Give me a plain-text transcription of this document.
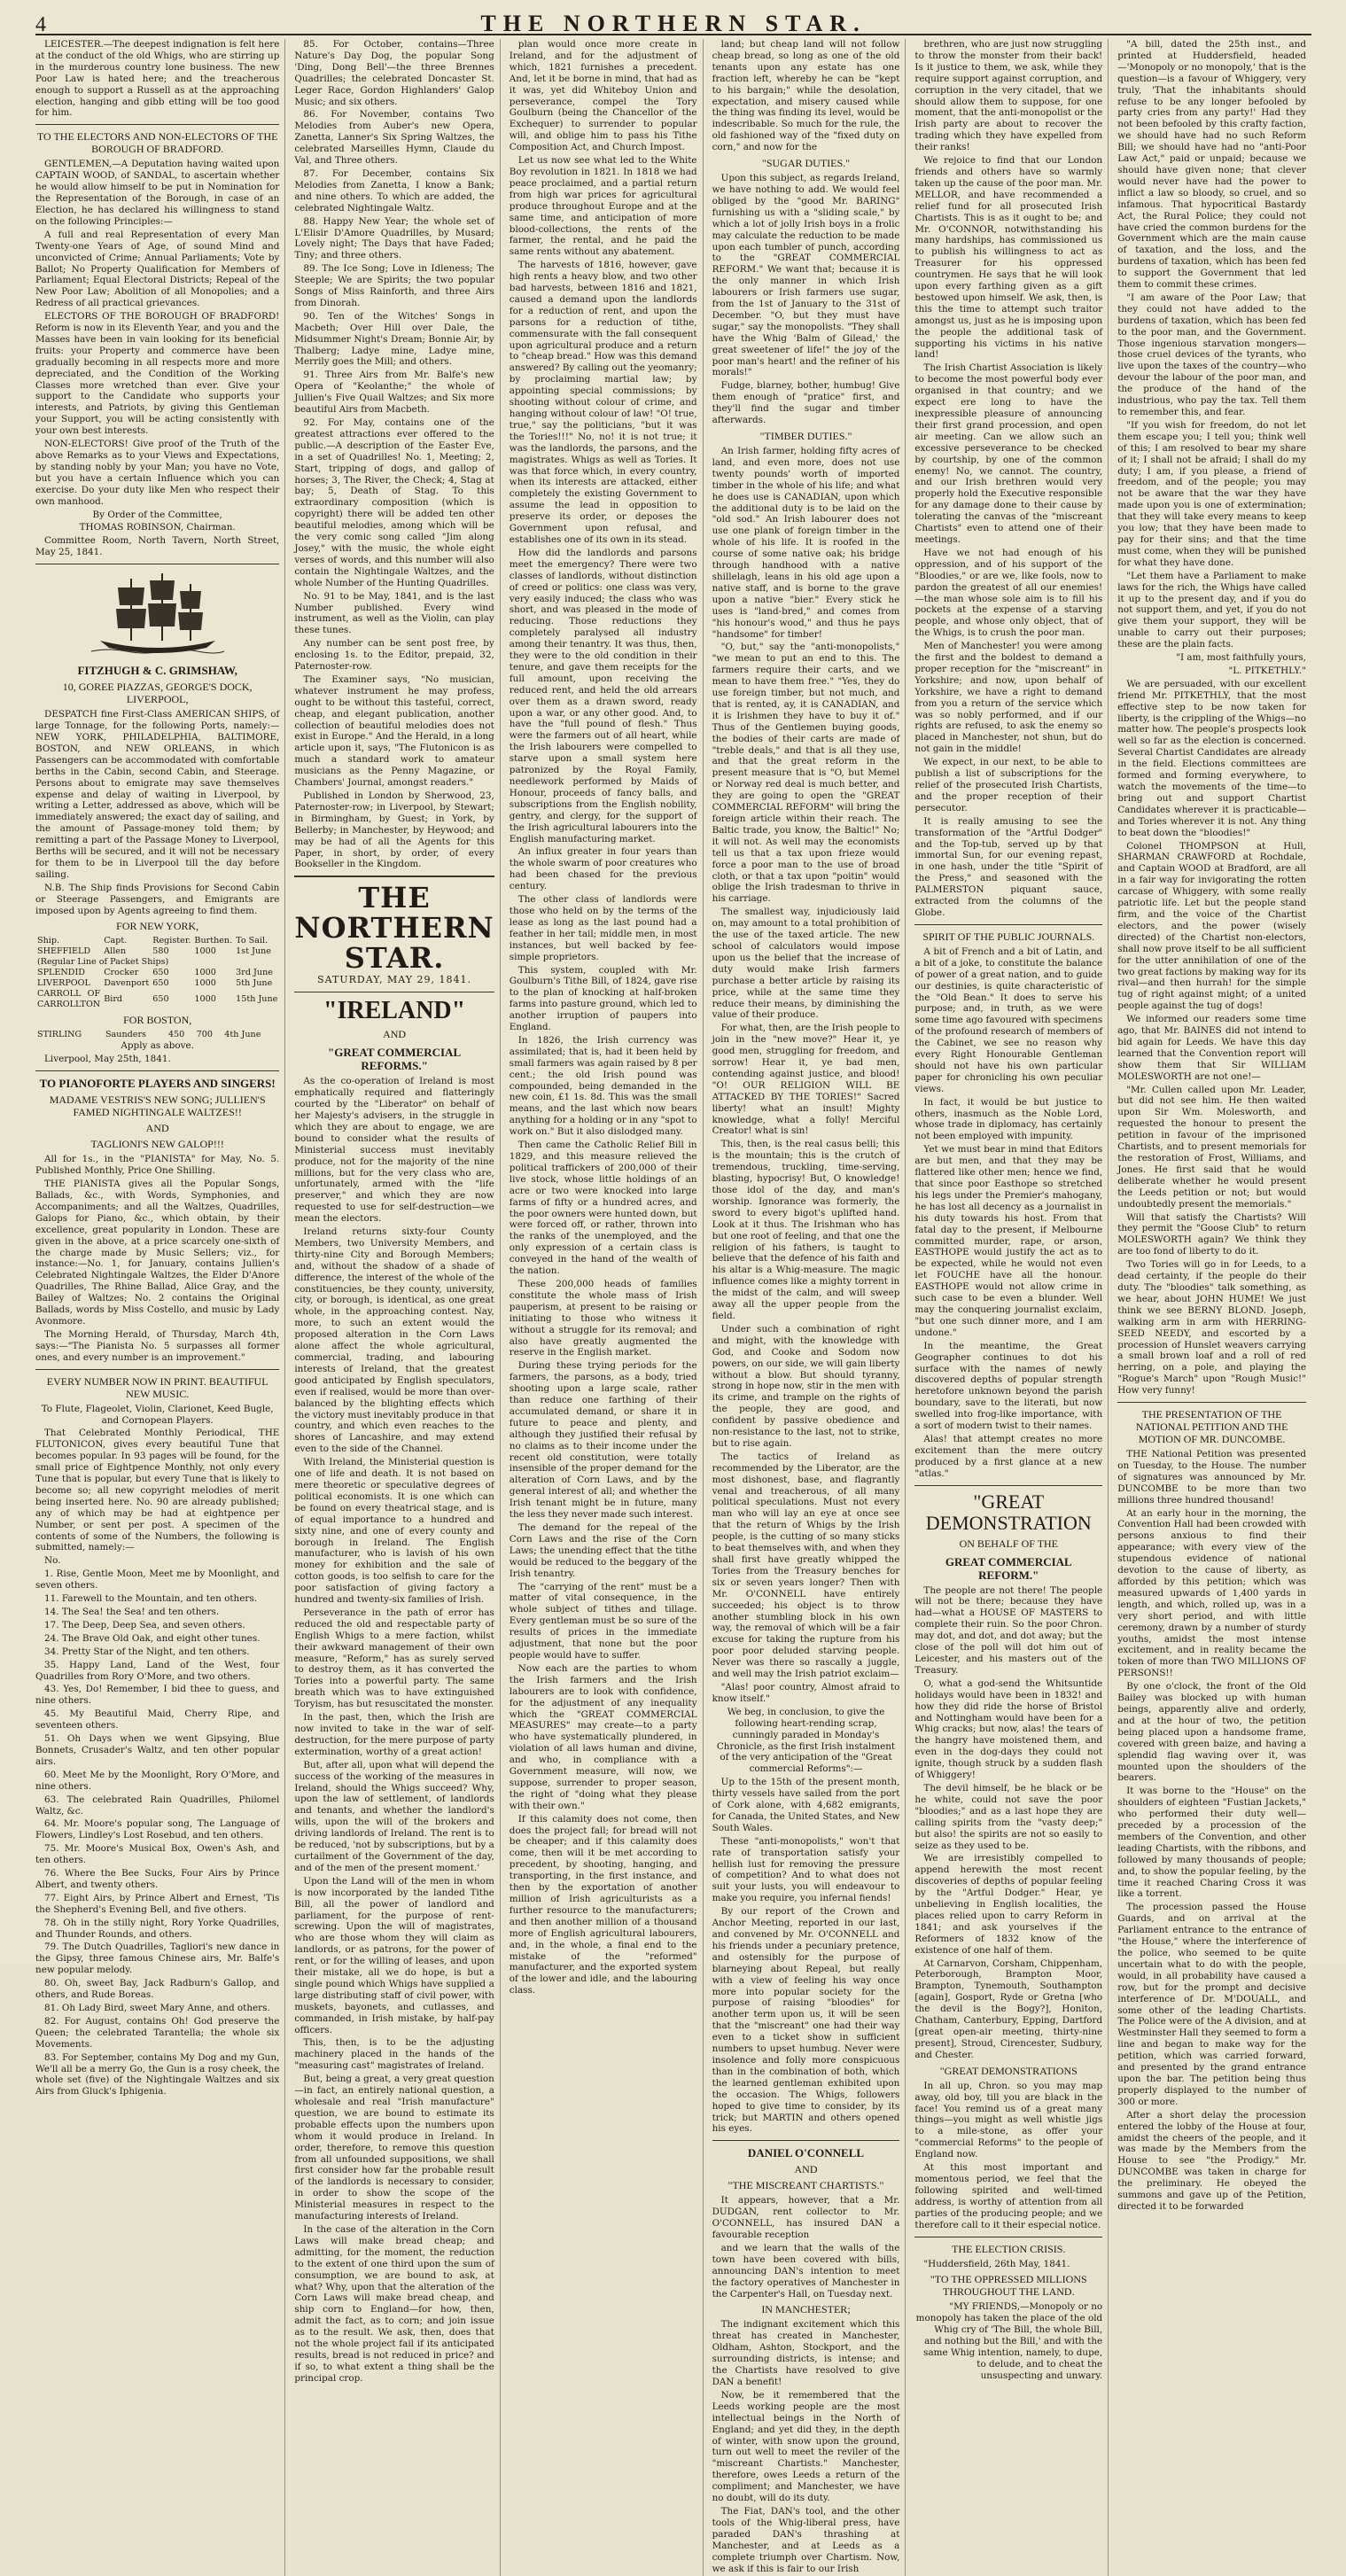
4	THE NORTHERN STAR.

LEICESTER.—The deepest indignation is felt here at the conduct of the old Whigs, who are stirring up in the murderous country lone business. The new Poor Law is hated here; and the treacherous enough to support a Russell as at the approaching election, hanging and gibb etting will be too good for him.

TO THE ELECTORS AND NON-ELECTORS OF THE BOROUGH OF BRADFORD.

GENTLEMEN,—A Deputation having waited upon CAPTAIN WOOD, of SANDAL, to ascertain whether he would allow himself to be put in Nomination for the Representation of the Borough, in case of an Election, he has declared his willingness to stand on the following Principles:—

A full and real Representation of every Man Twenty-one Years of Age, of sound Mind and unconvicted of Crime; Annual Parliaments; Vote by Ballot; No Property Qualification for Members of Parliament; Equal Electoral Districts; Repeal of the New Poor Law; Abolition of all Monopolies; and a Redress of all practical grievances.

ELECTORS OF THE BOROUGH OF BRADFORD! Reform is now in its Eleventh Year, and you and the Masses have been in vain looking for its beneficial fruits: your Property and commerce have been gradually becoming in all respects more and more depreciated, and the Condition of the Working Classes more wretched than ever. Give your support to the Candidate who supports your interests, and Patriots, by giving this Gentleman your Support, you will be acting consistently with your own best interests.

NON-ELECTORS! Give proof of the Truth of the above Remarks as to your Views and Expectations, by standing nobly by your Man; you have no Vote, but you have a certain Influence which you can exercise. Do your duty like Men who respect their own manhood.

By Order of the Committee,

THOMAS ROBINSON, Chairman.

Committee Room, North Tavern, North Street, May 25, 1841.

FITZHUGH & C. GRIMSHAW,
10, GOREE PIAZZAS, GEORGE'S DOCK, LIVERPOOL,

DESPATCH fine First-Class AMERICAN SHIPS, of large Tonnage, for the following Ports, namely:—NEW YORK, PHILADELPHIA, BALTIMORE, BOSTON, and NEW ORLEANS, in which Passengers can be accommodated with comfortable berths in the Cabin, second Cabin, and Steerage. Persons about to emigrate may save themselves expense and delay of waiting in Liverpool, by writing a Letter, addressed as above, which will be immediately answered; the exact day of sailing, and the amount of Passage-money told them; by remitting a part of the Passage Money to Liverpool, Berths will be secured, and it will not be necessary for them to be in Liverpool till the day before sailing.

N.B. The Ship finds Provisions for Second Cabin or Steerage Passengers, and Emigrants are imposed upon by Agents agreeing to find them.

FOR NEW YORK,
Ship.	Capt.	Register.	Burthen.	To Sail.
SHEFFIELD	Allen	580	1000	1st June
(Regular Line of Packet Ships)				
SPLENDID	Crocker	650	1000	3rd June
LIVERPOOL	Davenport	650	1000	5th June
CARROLL OF CARROLLTON	Bird	650	1000	15th June
FOR BOSTON,
STIRLING	Saunders	450	700	4th June

Apply as above.

Liverpool, May 25th, 1841.

TO PIANOFORTE PLAYERS AND SINGERS!
MADAME VESTRIS'S NEW SONG; JULLIEN'S FAMED NIGHTINGALE WALTZES!!
AND
TAGLIONI'S NEW GALOP!!!

All for 1s., in the "PIANISTA" for May, No. 5. Published Monthly, Price One Shilling.

THE PIANISTA gives all the Popular Songs, Ballads, &c., with Words, Symphonies, and Accompaniments; and all the Waltzes, Quadrilles, Galops for Piano, &c., which obtain, by their excellence, great popularity in London. These are given in the above, at a price scarcely one-sixth of the charge made by Music Sellers; viz., for instance:—No. 1, for January, contains Jullien's Celebrated Nightingale Waltzes, the Elder D'Anore Quadrilles, The Rhine Ballad, Alice Gray, and the Bailey of Waltzes; No. 2 contains the Original Ballads, words by Miss Costello, and music by Lady Avonmore.

The Morning Herald, of Thursday, March 4th, says:—"The Pianista No. 5 surpasses all former ones, and every number is an improvement."

EVERY NUMBER NOW IN PRINT. BEAUTIFUL NEW MUSIC.

To Flute, Flageolet, Violin, Clarionet, Keed Bugle, and Cornopean Players.

That Celebrated Monthly Periodical, THE FLUTONICON, gives every beautiful Tune that becomes popular. In 93 pages will be found, for the small price of Eightpence Monthly, not only every Tune that is popular, but every Tune that is likely to become so; all new copyright melodies of merit being inserted here. No. 90 are already published; any of which may be had at eightpence per Number, or sent per post. A specimen of the contents of some of the Numbers, the following is submitted, namely:—

No.

1. Rise, Gentle Moon, Meet me by Moonlight, and seven others.

11. Farewell to the Mountain, and ten others.

14. The Sea! the Sea! and ten others.

17. The Deep, Deep Sea, and seven others.

24. The Brave Old Oak, and eight other tunes.

34. Pretty Star of the Night, and ten others.

35. Happy Land, Land of the West, four Quadrilles from Rory O'More, and two others.

43. Yes, Do! Remember, I bid thee to guess, and nine others.

45. My Beautiful Maid, Cherry Ripe, and seventeen others.

51. Oh Days when we went Gipsying, Blue Bonnets, Crusader's Waltz, and ten other popular airs.

60. Meet Me by the Moonlight, Rory O'More, and nine others.

63. The celebrated Rain Quadrilles, Philomel Waltz, &c.

64. Mr. Moore's popular song, The Language of Flowers, Lindley's Lost Rosebud, and ten others.

75. Mr. Moore's Musical Box, Owen's Ash, and ten others.

76. Where the Bee Sucks, Four Airs by Prince Albert, and twenty others.

77. Eight Airs, by Prince Albert and Ernest, 'Tis the Shepherd's Evening Bell, and five others.

78. Oh in the stilly night, Rory Yorke Quadrilles, and Thunder Rounds, and others.

79. The Dutch Quadrilles, Tagliori's new dance in the Gipsy, three famous Chinese airs, Mr. Balfe's new popular melody.

80. Oh, sweet Bay, Jack Radburn's Gallop, and others, and Rude Boreas.

81. Oh Lady Bird, sweet Mary Anne, and others.

82. For August, contains Oh! God preserve the Queen; the celebrated Tarantella; the whole six Movements.

83. For September, contains My Dog and my Gun, We'll all be a merry Go, the Gun is a rosy cheek, the whole set (five) of the Nightingale Waltzes and six Airs from Gluck's Iphigenia.

85. For October, contains—Three Nature's Day Dog, the popular Song 'Ding, Dong Bell'—the three Brennes Quadrilles; the celebrated Doncaster St. Leger Race, Gordon Highlanders' Galop Music; and six others.

86. For November, contains Two Melodies from Auber's new Opera, Zanetta, Lanner's Six Spring Waltzes, the celebrated Marseilles Hymn, Claude du Val, and Three others.

87. For December, contains Six Melodies from Zanetta, I know a Bank; and nine others. To which are added, the celebrated Nightingale Waltz.

88. Happy New Year; the whole set of L'Elisir D'Amore Quadrilles, by Musard; Lovely night; The Days that have Faded; Tiny; and three others.

89. The Ice Song; Love in Idleness; The Steeple; We are Spirits; the two popular Songs of Miss Rainforth, and three Airs from Dinorah.

90. Ten of the Witches' Songs in Macbeth; Over Hill over Dale, the Midsummer Night's Dream; Bonnie Air, by Thalberg; Ladye mine, Ladye mine, Merrily goes the Mill; and others.

91. Three Airs from Mr. Balfe's new Opera of "Keolanthe;" the whole of Jullien's Five Quail Waltzes; and Six more beautiful Airs from Macbeth.

92. For May, contains one of the greatest attractions ever offered to the public.—A description of the Easter Eve, in a set of Quadrilles! No. 1, Meeting; 2, Start, tripping of dogs, and gallop of horses; 3, The River, the Check; 4, Stag at bay; 5, Death of Stag. To this extraordinary composition (which is copyright) there will be added ten other beautiful melodies, among which will be the very comic song called "Jim along Josey," with the music, the whole eight verses of words, and this number will also contain the Nightingale Waltzes, and the whole Number of the Hunting Quadrilles.

No. 91 to be May, 1841, and is the last Number published. Every wind instrument, as well as the Violin, can play these tunes.

Any number can be sent post free, by enclosing 1s. to the Editor, prepaid, 32, Paternoster-row.

The Examiner says, "No musician, whatever instrument he may profess, ought to be without this tasteful, correct, cheap, and elegant publication, another collection of beautiful melodies does not exist in Europe." And the Herald, in a long article upon it, says, "The Flutonicon is as much a standard work to amateur musicians as the Penny Magazine, or Chambers' Journal, amongst readers."

Published in London by Sherwood, 23, Paternoster-row; in Liverpool, by Stewart; in Birmingham, by Guest; in York, by Bellerby; in Manchester, by Heywood; and may be had of all the Agents for this Paper, in short, by order, of every Bookseller in the Kingdom.

THE NORTHERN STAR.
SATURDAY, MAY 29, 1841.
"IRELAND"
AND
"GREAT COMMERCIAL REFORMS."

As the co-operation of Ireland is most emphatically required and flatteringly courted by the "Liberator" on behalf of her Majesty's advisers, in the struggle in which they are about to engage, we are bound to consider what the results of Ministerial success must inevitably produce, not for the majority of the nine millions, but for the very class who are, unfortunately, armed with the "life preserver," and which they are now requested to use for self-destruction—we mean the electors.

Ireland returns sixty-four County Members, two University Members, and thirty-nine City and Borough Members; and, without the shadow of a shade of difference, the interest of the whole of the constituencies, be they county, university, city, or borough, is identical, as one great whole, in the approaching contest. Nay, more, to such an extent would the proposed alteration in the Corn Laws alone affect the whole agricultural, commercial, trading, and labouring interests of Ireland, that the greatest good anticipated by English speculators, even if realised, would be more than over-balanced by the blighting effects which the victory must inevitably produce in that country, and which even reaches to the shores of Lancashire, and may extend even to the side of the Channel.

With Ireland, the Ministerial question is one of life and death. It is not based on mere theoretic or speculative degrees of political economists. It is one which can be found on every theatrical stage, and is of equal importance to a hundred and sixty nine, and one of every county and borough in Ireland. The English manufacturer, who is lavish of his own money for exhibition and the sale of cotton goods, is too selfish to care for the poor satisfaction of giving factory a hundred and twenty-six families of Irish.

Perseverance in the path of error has reduced the old and respectable party of English Whigs to a mere faction, whilst their awkward management of their own measure, "Reform," has as surely served to destroy them, as it has converted the Tories into a powerful party. The same breath which was to have extinguished Toryism, has but resuscitated the monster.

In the past, then, which the Irish are now invited to take in the war of self-destruction, for the mere purpose of party extermination, worthy of a great action!

But, after all, upon what will depend the success of the working of the measures in Ireland, should the Whigs succeed? Why, upon the law of settlement, of landlords and tenants, and whether the landlord's wills, upon the will of the brokers and driving landlords of Ireland. The rent is to be reduced, 'not by subscriptions, but by a curtailment of the Government of the day, and of the men of the present moment.'

Upon the Land will of the men in whom is now incorporated by the landed Tithe Bill, all the power of landlord and parliament, for the purpose of rent-screwing. Upon the will of magistrates, who are those whom they will claim as landlords, or as patrons, for the power of rent, or for the willing of leases, and upon their mistake, all we do hope, is but a single pound which Whigs have supplied a large distributing staff of civil power, with muskets, bayonets, and cutlasses, and commanded, in Irish mistake, by half-pay officers.

This, then, is to be the adjusting machinery placed in the hands of the "measuring cast" magistrates of Ireland.

But, being a great, a very great question—in fact, an entirely national question, a wholesale and real "Irish manufacture" question, we are bound to estimate its probable effects upon the numbers upon whom it would produce in Ireland. In order, therefore, to remove this question from all unfounded suppositions, we shall first consider how far the probable result of the landlords is necessary to consider, in order to show the scope of the Ministerial measures in respect to the manufacturing interests of Ireland.

In the case of the alteration in the Corn Laws will make bread cheap; and admitting, for the moment, the reduction to the extent of one third upon the sum of consumption, we are bound to ask, at what? Why, upon that the alteration of the Corn Laws will make bread cheap, and ship corn to England—for how, then, admit the fact, as to corn; and join issue as to the result. We ask, then, does that not the whole project fail if its anticipated results, bread is not reduced in price? and if so, to what extent a thing shall be the principal crop.

plan would once more create in Ireland, and for the adjustment of which, 1821 furnishes a precedent. And, let it be borne in mind, that had as it was, yet did Whiteboy Union and perseverance, compel the Tory Goulburn (being the Chancellor of the Exchequer) to surrender to popular will, and oblige him to pass his Tithe Composition Act, and Church Impost.

Let us now see what led to the White Boy revolution in 1821. In 1818 we had peace proclaimed, and a partial return from high war prices for agricultural produce throughout Europe and at the same time, and anticipation of more blood-collections, the rents of the farmer, the rental, and he paid the same rents without any abatement.

The harvests of 1816, however, gave high rents a heavy blow, and two other bad harvests, between 1816 and 1821, caused a demand upon the landlords for a reduction of rent, and upon the parsons for a reduction of tithe, commensurate with the fall consequent upon agricultural produce and a return to "cheap bread." How was this demand answered? By calling out the yeomanry; by proclaiming martial law; by appointing special commissions; by shooting without colour of crime, and hanging without colour of law! "O! true, true," say the politicians, "but it was the Tories!!!" No, no! it is not true; it was the landlords, the parsons, and the magistrates. Whigs as well as Tories. It was that force which, in every country, when its interests are attacked, either completely the existing Government to assume the lead in opposition to preserve its order, or deposes the Government upon refusal, and establishes one of its own in its stead.

How did the landlords and parsons meet the emergency? There were two classes of landlords, without distinction of creed or politics: one class was very, very easily induced; the class who was short, and was pleased in the mode of reducing. Those reductions they completely paralysed all industry among their tenantry. It was thus, then, they were to the old condition in their tenure, and gave them receipts for the full amount, upon receiving the reduced rent, and held the old arrears over them as a drawn sword, ready upon a war, or any other good. And, to have the "full pound of flesh." Thus were the farmers out of all heart, while the Irish labourers were compelled to starve upon a small system here patronized by the Royal Family, needlework performed by Maids of Honour, proceeds of fancy balls, and subscriptions from the English nobility, gentry, and clergy, for the support of the Irish agricultural labourers into the English manufacturing market.

An influx greater in four years than the whole swarm of poor creatures who had been chased for the previous century.

The other class of landlords were those who held on by the terms of the lease as long as the last pound had a feather in her tail; middle men, in most instances, but well backed by fee-simple proprietors.

This system, coupled with Mr. Goulburn's Tithe Bill, of 1824, gave rise to the plan of knocking at half-broken farms into pasture ground, which led to another irruption of paupers into England.

In 1826, the Irish currency was assimilated; that is, had it been held by small farmers was again raised by 8 per cent.; the old Irish pound was compounded, being demanded in the new coin, £1 1s. 8d. This was the small means, and the last which now bears anything for a holding or in any "spot to work on." But it also dislodged many.

Then came the Catholic Relief Bill in 1829, and this measure relieved the political traffickers of 200,000 of their live stock, whose little holdings of an acre or two were knocked into large farms of fifty or a hundred acres, and the poor owners were hunted down, but were forced off, or rather, thrown into the ranks of the unemployed, and the only expression of a certain class is conveyed in the hand of the wealth of the nation.

These 200,000 heads of families constitute the whole mass of Irish pauperism, at present to be raising or initiating to those who witness it without a struggle for its removal; and also have greatly augmented the reserve in the English market.

During these trying periods for the farmers, the parsons, as a body, tried shooting upon a large scale, rather than reduce one farthing of their accumulated demand, or share it in future to peace and plenty, and although they justified their refusal by no claims as to their income under the recent old constitution, were totally insensible of the proper demand for the alteration of Corn Laws, and by the general interest of all; and whether the Irish tenant might be in future, many the less they never made such interest.

The demand for the repeal of the Corn Laws and the rise of the Corn Laws; the unending effect that the tithe would be reduced to the beggary of the Irish tenantry.

The "carrying of the rent" must be a matter of vital consequence, in the whole subject of tithes and tillage. Every gentleman must be so sure of the results of prices in the immediate adjustment, that none but the poor people would have to suffer.

Now each are the parties to whom the Irish farmers and the Irish labourers are to look with confidence, for the adjustment of any inequality which the "GREAT COMMERCIAL MEASURES" may create—to a party who have systematically plundered, in violation of all laws human and divine, and who, in compliance with a Government measure, will now, we suppose, surrender to proper season, the right of "doing what they please with their own."

If this calamity does not come, then does the project fall; for bread will not be cheaper; and if this calamity does come, then will it be met according to precedent, by shooting, hanging, and transporting, in the first instance, and then by the exportation of another million of Irish agriculturists as a further resource to the manufacturers; and then another million of a thousand more of English agricultural labourers, and, in the whole, a final end to the mistake of the "reformed" manufacturer, and the exported system of the lower and idle, and the labouring class.

land; but cheap land will not follow cheap bread, so long as one of the old tenants upon any estate has one fraction left, whereby he can be "kept to his bargain;" while the desolation, expectation, and misery caused while the thing was finding its level, would be indescribable. So much for the rule, the old fashioned way of the "fixed duty on corn," and now for the

"SUGAR DUTIES."

Upon this subject, as regards Ireland, we have nothing to add. We would feel obliged by the "good Mr. BARING" furnishing us with a "sliding scale," by which a lot of jolly Irish boys in a frolic may calculate the reduction to be made upon each tumbler of punch, according to the "GREAT COMMERCIAL REFORM." We want that; because it is the only manner in which Irish labourers or Irish farmers use sugar, from the 1st of January to the 31st of December. "O, but they must have sugar," say the monopolists. "They shall have the Whig 'Balm of Gilead,' the great sweetener of life!" the joy of the poor man's heart! and the refiner of his morals!"

Fudge, blarney, bother, humbug! Give them enough of "pratice" first, and they'll find the sugar and timber afterwards.

"TIMBER DUTIES."

An Irish farmer, holding fifty acres of land, and even more, does not use twenty pounds' worth of imported timber in the whole of his life; and what he does use is CANADIAN, upon which the additional duty is to be laid on the "old sod." An Irish labourer does not use one plank of foreign timber in the whole of his life. It is roofed in the course of some native oak; his bridge through handhood with a native shillelagh, leans in his old age upon a native staff, and is borne to the grave upon a native "bier." Every stick he uses is "land-bred," and comes from "his honour's wood," and thus he pays "handsome" for timber!

"O, but," say the "anti-monopolists," "we mean to put an end to this. The farmers require their carts, and we mean to have them free." "Yes, they do use foreign timber, but not much, and that is rented, ay, it is CANADIAN, and it is Irishmen they have to buy it of." Thus of the Gentlemen buying goods, the bodies of their carts are made of "treble deals," and that is all they use, and that the great reform in the present measure that is "O, but Memel or Norway red deal is much better, and they are going to open the "GREAT COMMERCIAL REFORM" will bring the foreign article within their reach. The Baltic trade, you know, the Baltic!" No; it will not. As well may the economists tell us that a tax upon frieze would force a poor man to the use of broad cloth, or that a tax upon "poitin" would oblige the Irish tradesman to thrive in his carriage.

The smallest way, injudiciously laid on, may amount to a total prohibition of the use of the taxed article. The new school of calculators would impose upon us the belief that the increase of duty would make Irish farmers purchase a better article by raising its price, while at the same time they reduce their means, by diminishing the value of their produce.

For what, then, are the Irish people to join in the "new move?" Hear it, ye good men, struggling for freedom, and sorrow! Hear it, ye bad men, contending against justice, and blood! "O! OUR RELIGION WILL BE ATTACKED BY THE TORIES!" Sacred liberty! what an insult! Mighty knowledge, what a folly! Merciful Creator! what is sin!

This, then, is the real casus belli; this is the mountain; this is the crutch of tremendous, truckling, time-serving, blasting, hypocrisy! But, O knowledge! those idol of the day, and man's worship. Ignorance was formerly, the sword to every bigot's uplifted hand. Look at it thus. The Irishman who has but one root of feeling, and that one the religion of his fathers, is taught to believe that the defence of his faith and his altar is a Whig-measure. The magic influence comes like a mighty torrent in the midst of the calm, and will sweep away all the upper people from the field.

Under such a combination of right and might, with the knowledge with God, and Cooke and Sodom now powers, on our side, we will gain liberty without a blow. But should tyranny, strong in hope now, stir in the men with its crime, and trample on the rights of the people, they are good, and confident by passive obedience and non-resistance to the last, not to strike, but to rise again.

The tactics of Ireland as recommended by the Liberator, are the most dishonest, base, and flagrantly venal and treacherous, of all many political speculations. Must not every man who will lay an eye at once see that the return of Whigs by the Irish people, is the cutting of so many sticks to beat themselves with, and when they shall first have greatly whipped the Tories from the Treasury benches for six or seven years longer? Then with Mr. O'CONNELL have entirely succeeded; his object is to throw another stumbling block in his own way, the removal of which will be a fair excuse for taking the rupture from his poor poor deluded starving people. Never was there so rascally a juggle, and well may the Irish patriot exclaim—

"Alas! poor country, Almost afraid to know itself."

We beg, in conclusion, to give the following heart-rending scrap, cunningly paraded in Monday's Chronicle, as the first Irish instalment of the very anticipation of the "Great commercial Reforms":—

Up to the 15th of the present month, thirty vessels have sailed from the port of Cork alone, with 4,682 emigrants, for Canada, the United States, and New South Wales.

These "anti-monopolists," won't that rate of transportation satisfy your hellish lust for removing the pressure of competition? And to what does not suit your lusts, you will endeavour to make you require, you infernal fiends!

By our report of the Crown and Anchor Meeting, reported in our last, and convened by Mr. O'CONNELL and his friends under a pecuniary pretence, and ostensibly for the purpose of blarneying about Repeal, but really with a view of feeling his way once more into popular society for the purpose of raising "bloodies" for another term upon us, it will be seen that the "miscreant" one had their way even to a ticket show in sufficient numbers to upset humbug. Never were insolence and folly more conspicuous than in the combination of both, which the learned gentleman exhibited upon the occasion. The Whigs, followers hoped to give time to consider, by its trick; but MARTIN and others opened his eyes.

DANIEL O'CONNELL
AND
"THE MISCREANT CHARTISTS."

It appears, however, that a Mr. DUDGAN, rent collector to Mr. O'CONNELL, has insured DAN a favourable reception

and we learn that the walls of the town have been covered with bills, announcing DAN's intention to meet the factory operatives of Manchester in the Carpenter's Hall, on Tuesday next.

IN MANCHESTER;

The indignant excitement which this threat has created in Manchester, Oldham, Ashton, Stockport, and the surrounding districts, is intense; and the Chartists have resolved to give DAN a benefit!

Now, be it remembered that the Leeds working people are the most intellectual beings in the North of England; and yet did they, in the depth of winter, with snow upon the ground, turn out well to meet the reviler of the "miscreant Chartists." Manchester, therefore, owes Leeds a return of the compliment; and Manchester, we have no doubt, will do its duty.

The Fiat, DAN's tool, and the other tools of the Whig-liberal press, have paraded DAN's thrashing at Manchester, and at Leeds as a complete triumph over Chartism. Now, we ask if this is fair to our Irish

brethren, who are just now struggling to throw the monster from their back! Is it justice to them, we ask, while they require support against corruption, and corruption in the very citadel, that we should allow them to suppose, for one moment, that the anti-monopolist or the Irish party are about to recover the trading which they have expelled from their ranks!

We rejoice to find that our London friends and others have so warmly taken up the cause of the poor man. Mr. MELLOR, and have recommended a relief fund for all prosecuted Irish Chartists. This is as it ought to be; and Mr. O'CONNOR, notwithstanding his many hardships, has commissioned us to publish his willingness to act as Treasurer for his oppressed countrymen. He says that he will look upon every farthing given as a gift bestowed upon himself. We ask, then, is this the time to attempt such traitor amongst us, just as he is imposing upon the people the additional task of supporting his victims in his native land!

The Irish Chartist Association is likely to become the most powerful body ever organised in that country; and we expect ere long to have the inexpressible pleasure of announcing their first grand procession, and open air meeting. Can we allow such an excessive perseverance to be checked by courtship, by one of the common enemy! No, we cannot. The country, and our Irish brethren would very properly hold the Executive responsible for any damage done to their cause by tolerating the canvas of the "miscreant Chartists" even to attend one of their meetings.

Have we not had enough of his oppression, and of his support of the "Bloodies," or are we, like fools, now to pardon the greatest of all our enemies!—the man whose sole aim is to fill his pockets at the expense of a starving people, and whose only object, that of the Whigs, is to crush the poor man.

Men of Manchester! you were among the first and the boldest to demand a proper reception for the "miscreant" in Yorkshire; and now, upon behalf of Yorkshire, we have a right to demand from you a return of the service which was so nobly performed, and if our rights are refused, to ask the enemy so placed in Manchester, not shun, but do not gain in the middle!

We expect, in our next, to be able to publish a list of subscriptions for the relief of the prosecuted Irish Chartists, and the proper reception of their persecutor.

It is really amusing to see the transformation of the "Artful Dodger" and the Top-tub, served up by that immortal Sun, for our evening repast, in one hash, under the title "Spirit of the Press," and seasoned with the PALMERSTON piquant sauce, extracted from the columns of the Globe.

SPIRIT OF THE PUBLIC JOURNALS.

A bit of French and a bit of Latin, and a bit of a joke, to constitute the balance of power of a great nation, and to guide our destinies, is quite characteristic of the "Old Bean." It does to serve his purpose; and, in truth, as we were some time ago favoured with specimens of the profound research of members of the Cabinet, we see no reason why every Right Honourable Gentleman should not have his own particular paper for chronicling his own peculiar views.

In fact, it would be but justice to others, inasmuch as the Noble Lord, whose trade in diplomacy, has certainly not been employed with impunity.

Yet we must bear in mind that Editors are but men, and that they may be flattered like other men; hence we find, that since poor Easthope so stretched his legs under the Premier's mahogany, he has lost all decency as a journalist in his duty towards his host. From that fatal day to the present, if Melbourne committed murder, rape, or arson, EASTHOPE would justify the act as to be expected, while he would not even let FOUCHE have all the honour. EASTHOPE would not allow crime in such case to be even a blunder. Well may the conquering journalist exclaim, "but one such dinner more, and I am undone."

In the meantime, the Great Geographer continues to dot his surface with the names of newly discovered depths of popular strength heretofore unknown beyond the parish boundary, save to the literati, but now swelled into frog-like importance, with a sort of modern twist to their names.

Alas! that attempt creates no more excitement than the mere outcry produced by a first glance at a new "atlas."

"GREAT DEMONSTRATION
ON BEHALF OF THE
GREAT COMMERCIAL REFORM."

The people are not there! The people will not be there; because they have had—what a HOUSE OF MASTERS to complete their ruin. So the poor Chron. may dot, and dot, and dot away; but the close of the poll will dot him out of Leicester, and his masters out of the Treasury.

O, what a god-send the Whitsuntide holidays would have been in 1832! and how they did ride the horse of Bristol and Nottingham would have been for a Whig cracks; but now, alas! the tears of the hangry have moistened them, and even in the dog-days they could not ignite, though struck by a sudden flash of Whiggery!

The devil himself, be he black or be he white, could not save the poor "bloodies;" and as a last hope they are calling spirits from the "vasty deep;" but also! the spirits are not so easily to seize as they used to be.

We are irresistibly compelled to append herewith the most recent discoveries of depths of popular feeling by the "Artful Dodger." Hear, ye unbelieving in English localities, the places relied upon to carry Reform in 1841; and ask yourselves if the Reformers of 1832 know of the existence of one half of them.

At Carnarvon, Corsham, Chippenham, Peterborough, Brampton Moor, Brampton, Tynemouth, Southampton [again], Gosport, Ryde or Gretna [who the devil is the Bogy?], Honiton, Chatham, Canterbury, Epping, Dartford [great open-air meeting, thirty-nine present], Stroud, Cirencester, Sudbury, and Chester.

"GREAT DEMONSTRATIONS

In all up, Chron. so you may map away, old boy, till you are black in the face! You remind us of a great many things—you might as well whistle jigs to a mile-stone, as offer your "commercial Reforms" to the people of England now.

At this most important and momentous period, we feel that the following spirited and well-timed address, is worthy of attention from all parties of the producing people; and we therefore call to it their especial notice.

THE ELECTION CRISIS.

"Huddersfield, 26th May, 1841.

"TO THE OPPRESSED MILLIONS THROUGHOUT THE LAND.

"MY FRIENDS,—Monopoly or no monopoly has taken the place of the old Whig cry of 'The Bill, the whole Bill, and nothing but the Bill,' and with the same Whig intention, namely, to dupe, to delude, and to cheat the unsuspecting and unwary.

"A bill, dated the 25th inst., and printed at Huddersfield, headed—'Monopoly or no monopoly,' that is the question—is a favour of Whiggery, very truly, 'That the inhabitants should refuse to be any longer befooled by party cries from any party!' Had they not been befooled by this crafty faction, we should have had no such Reform Bill; we should have had no "anti-Poor Law Act," paid or unpaid; because we should have given none; that clever would never have had the power to inflict a law so bloody, so cruel, and so infamous. That hypocritical Bastardy Act, the Rural Police; they could not have cried the common burdens for the Government which are the main cause of taxation, and the loss, and the burdens of taxation, which has been fed to support the Government that led them to commit these crimes.

"I am aware of the Poor Law; that they could not have added to the burdens of taxation, which has been fed to the poor man, and the Government. Those ingenious starvation mongers—those cruel devices of the tyrants, who live upon the taxes of the country—who devour the labour of the poor man, and the produce of the hand of the industrious, who pay the tax. Tell them to remember this, and fear.

"If you wish for freedom, do not let them escape you; I tell you; think well of this; I am resolved to bear my share of it; I shall not be afraid; I shall do my duty; I am, if you please, a friend of freedom, and of the people; you may not be aware that the war they have made upon you is one of extermination; that they will take every means to keep you low; that they have been made to pay for their sins; and that the time must come, when they will be punished for what they have done.

"Let them have a Parliament to make laws for the rich, the Whigs have called it up to the present day, and if you do not support them, and yet, if you do not give them your support, they will be unable to carry out their purposes; these are the plain facts.

"I am, most faithfully yours,

"L. PITKETHLY."

We are persuaded, with our excellent friend Mr. PITKETHLY, that the most effective step to be now taken for liberty, is the crippling of the Whigs—no matter how. The people's prospects look well so far as the election is concerned. Several Chartist Candidates are already in the field. Elections committees are formed and forming everywhere, to watch the movements of the time—to bring out and support Chartist Candidates wherever it is practicable—and Tories wherever it is not. Any thing to beat down the "bloodies!"

Colonel THOMPSON at Hull, SHARMAN CRAWFORD at Rochdale, and Captain WOOD at Bradford, are all in a fair way for invigorating the rotten carcase of Whiggery, with some really patriotic life. Let but the people stand firm, and the voice of the Chartist electors, and the power (wisely directed) of the Chartist non-electors, shall now prove itself to be all sufficient for the utter annihilation of one of the two great factions by making way for its rival—and then hurrah! for the simple tug of right against might; of a united people against the tug of dogs!

We informed our readers some time ago, that Mr. BAINES did not intend to bid again for Leeds. We have this day learned that the Convention report will show them that Sir WILLIAM MOLESWORTH are not one!—

"Mr. Cullen called upon Mr. Leader, but did not see him. He then waited upon Sir Wm. Molesworth, and requested the honour to present the petition in favour of the imprisoned Chartists, and to present memorials for the restoration of Frost, Williams, and Jones. He first said that he would deliberate whether he would present the Leeds petition or not; but would undoubtedly present the memorials."

Will that satisfy the Chartists? Will they permit the "Goose Club" to return MOLESWORTH again? We think they are too fond of liberty to do it.

Two Tories will go in for Leeds, to a dead certainty, if the people do their duty. The "bloodies" talk something, as we hear, about JOHN HUME! We just think we see BERNY BLOND. Joseph, walking arm in arm with HERRING-SEED NEEDY, and escorted by a procession of Hunslet weavers carrying a small brown loaf and a roll of red herring, on a pole, and playing the "Rogue's March" upon "Rough Music!" How very funny!

THE PRESENTATION OF THE NATIONAL PETITION AND THE MOTION OF MR. DUNCOMBE.

THE National Petition was presented on Tuesday, to the House. The number of signatures was announced by Mr. DUNCOMBE to be more than two millions three hundred thousand!

At an early hour in the morning, the Convention Hall had been crowded with persons anxious to find their appearance; with every view of the stupendous evidence of national devotion to the cause of liberty, as afforded by this petition; which was measured upwards of 1,400 yards in length, and which, rolled up, was in a very short period, and with little ceremony, drawn by a number of sturdy youths, amidst the most intense excitement, and in reality became the token of more than TWO MILLIONS OF PERSONS!!

By one o'clock, the front of the Old Bailey was blocked up with human beings, apparently alive and orderly, and at the hour of two, the petition being placed upon a handsome frame, covered with green baize, and having a splendid flag waving over it, was mounted upon the shoulders of the bearers.

It was borne to the "House" on the shoulders of eighteen "Fustian Jackets," who performed their duty well—preceded by a procession of the members of the Convention, and other leading Chartists, with the ribbons, and followed by many thousands of people; and, to show the popular feeling, by the time it reached Charing Cross it was like a torrent.

The procession passed the House Guards, and on arrival at the Parliament entrance to the entrance of "the House," where the interference of the police, who seemed to be quite uncertain what to do with the people, would, in all probability have caused a row, but for the prompt and decisive interference of Dr. M'DOUALL, and some other of the leading Chartists. The Police were of the A division, and at Westminster Hall they seemed to form a line and began to make way for the petition, which was carried forward, and presented by the grand entrance upon the bar. The petition being thus properly displayed to the number of 300 or more.

After a short delay the procession entered the lobby of the House at four, amidst the cheers of the people, and it was made by the Members from the House to see "the Prodigy." Mr. DUNCOMBE was taken in charge for the preliminary. He obeyed the summons and gave up of the Petition, directed it to be forwarded
